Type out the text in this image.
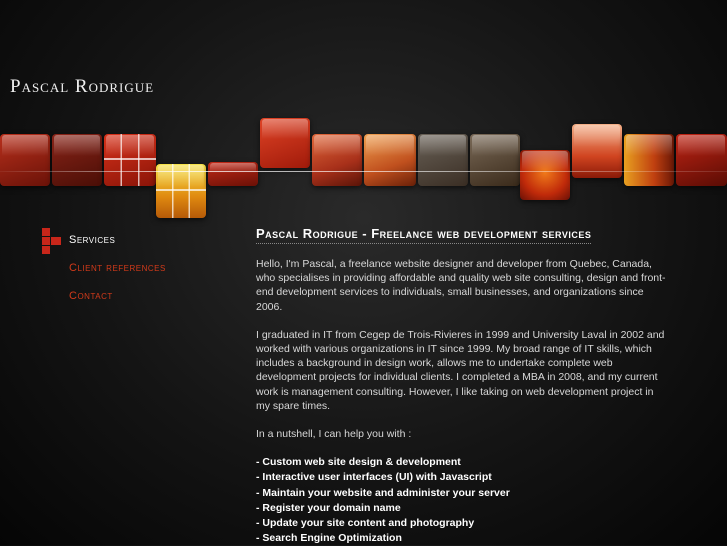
Pascal Rodrigue
Services
Client references
Contact
Pascal Rodrigue - Freelance web development services

Hello, I'm Pascal, a freelance website designer and developer from Quebec, Canada, who specialises in providing affordable and quality web site consulting, design and front-end development services to individuals, small businesses, and organizations since 2006.

I graduated in IT from Cegep de Trois-Rivieres in 1999 and University Laval in 2002 and worked with various organizations in IT since 1999. My broad range of IT skills, which includes a background in design work, allows me to undertake complete web development projects for individual clients. I completed a MBA in 2008, and my current work is management consulting. However, I like taking on web development project in my spare times.

In a nutshell, I can help you with :

- Custom web site design & development
- Interactive user interfaces (UI) with Javascript
- Maintain your website and administer your server
- Register your domain name
- Update your site content and photography
- Search Engine Optimization
